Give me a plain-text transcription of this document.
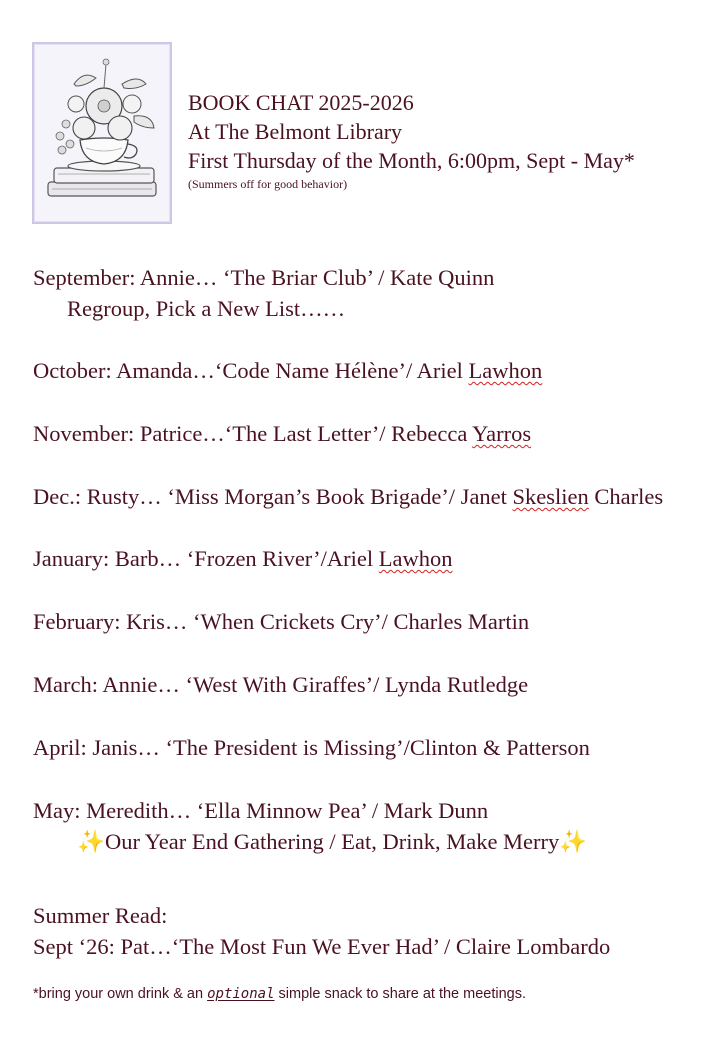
BOOK CHAT 2025-2026
At The Belmont Library
First Thursday of the Month, 6:00pm, Sept - May*
(Summers off for good behavior)
September: Annie… ‘The Briar Club’ / Kate Quinn
Regroup, Pick a New List……
October: Amanda…‘Code Name Hélène’/ Ariel Lawhon
November: Patrice…‘The Last Letter’/ Rebecca Yarros
Dec.: Rusty… ‘Miss Morgan’s Book Brigade’/ Janet Skeslien Charles
January: Barb… ‘Frozen River’/Ariel Lawhon
February: Kris… ‘When Crickets Cry’/ Charles Martin
March: Annie… ‘West With Giraffes’/ Lynda Rutledge
April: Janis… ‘The President is Missing’/Clinton & Patterson
May: Meredith… ‘Ella Minnow Pea’ / Mark Dunn
✨Our Year End Gathering / Eat, Drink, Make Merry✨
Summer Read:
Sept ‘26: Pat…‘The Most Fun We Ever Had’ / Claire Lombardo
*bring your own drink & an optional simple snack to share at the meetings.
